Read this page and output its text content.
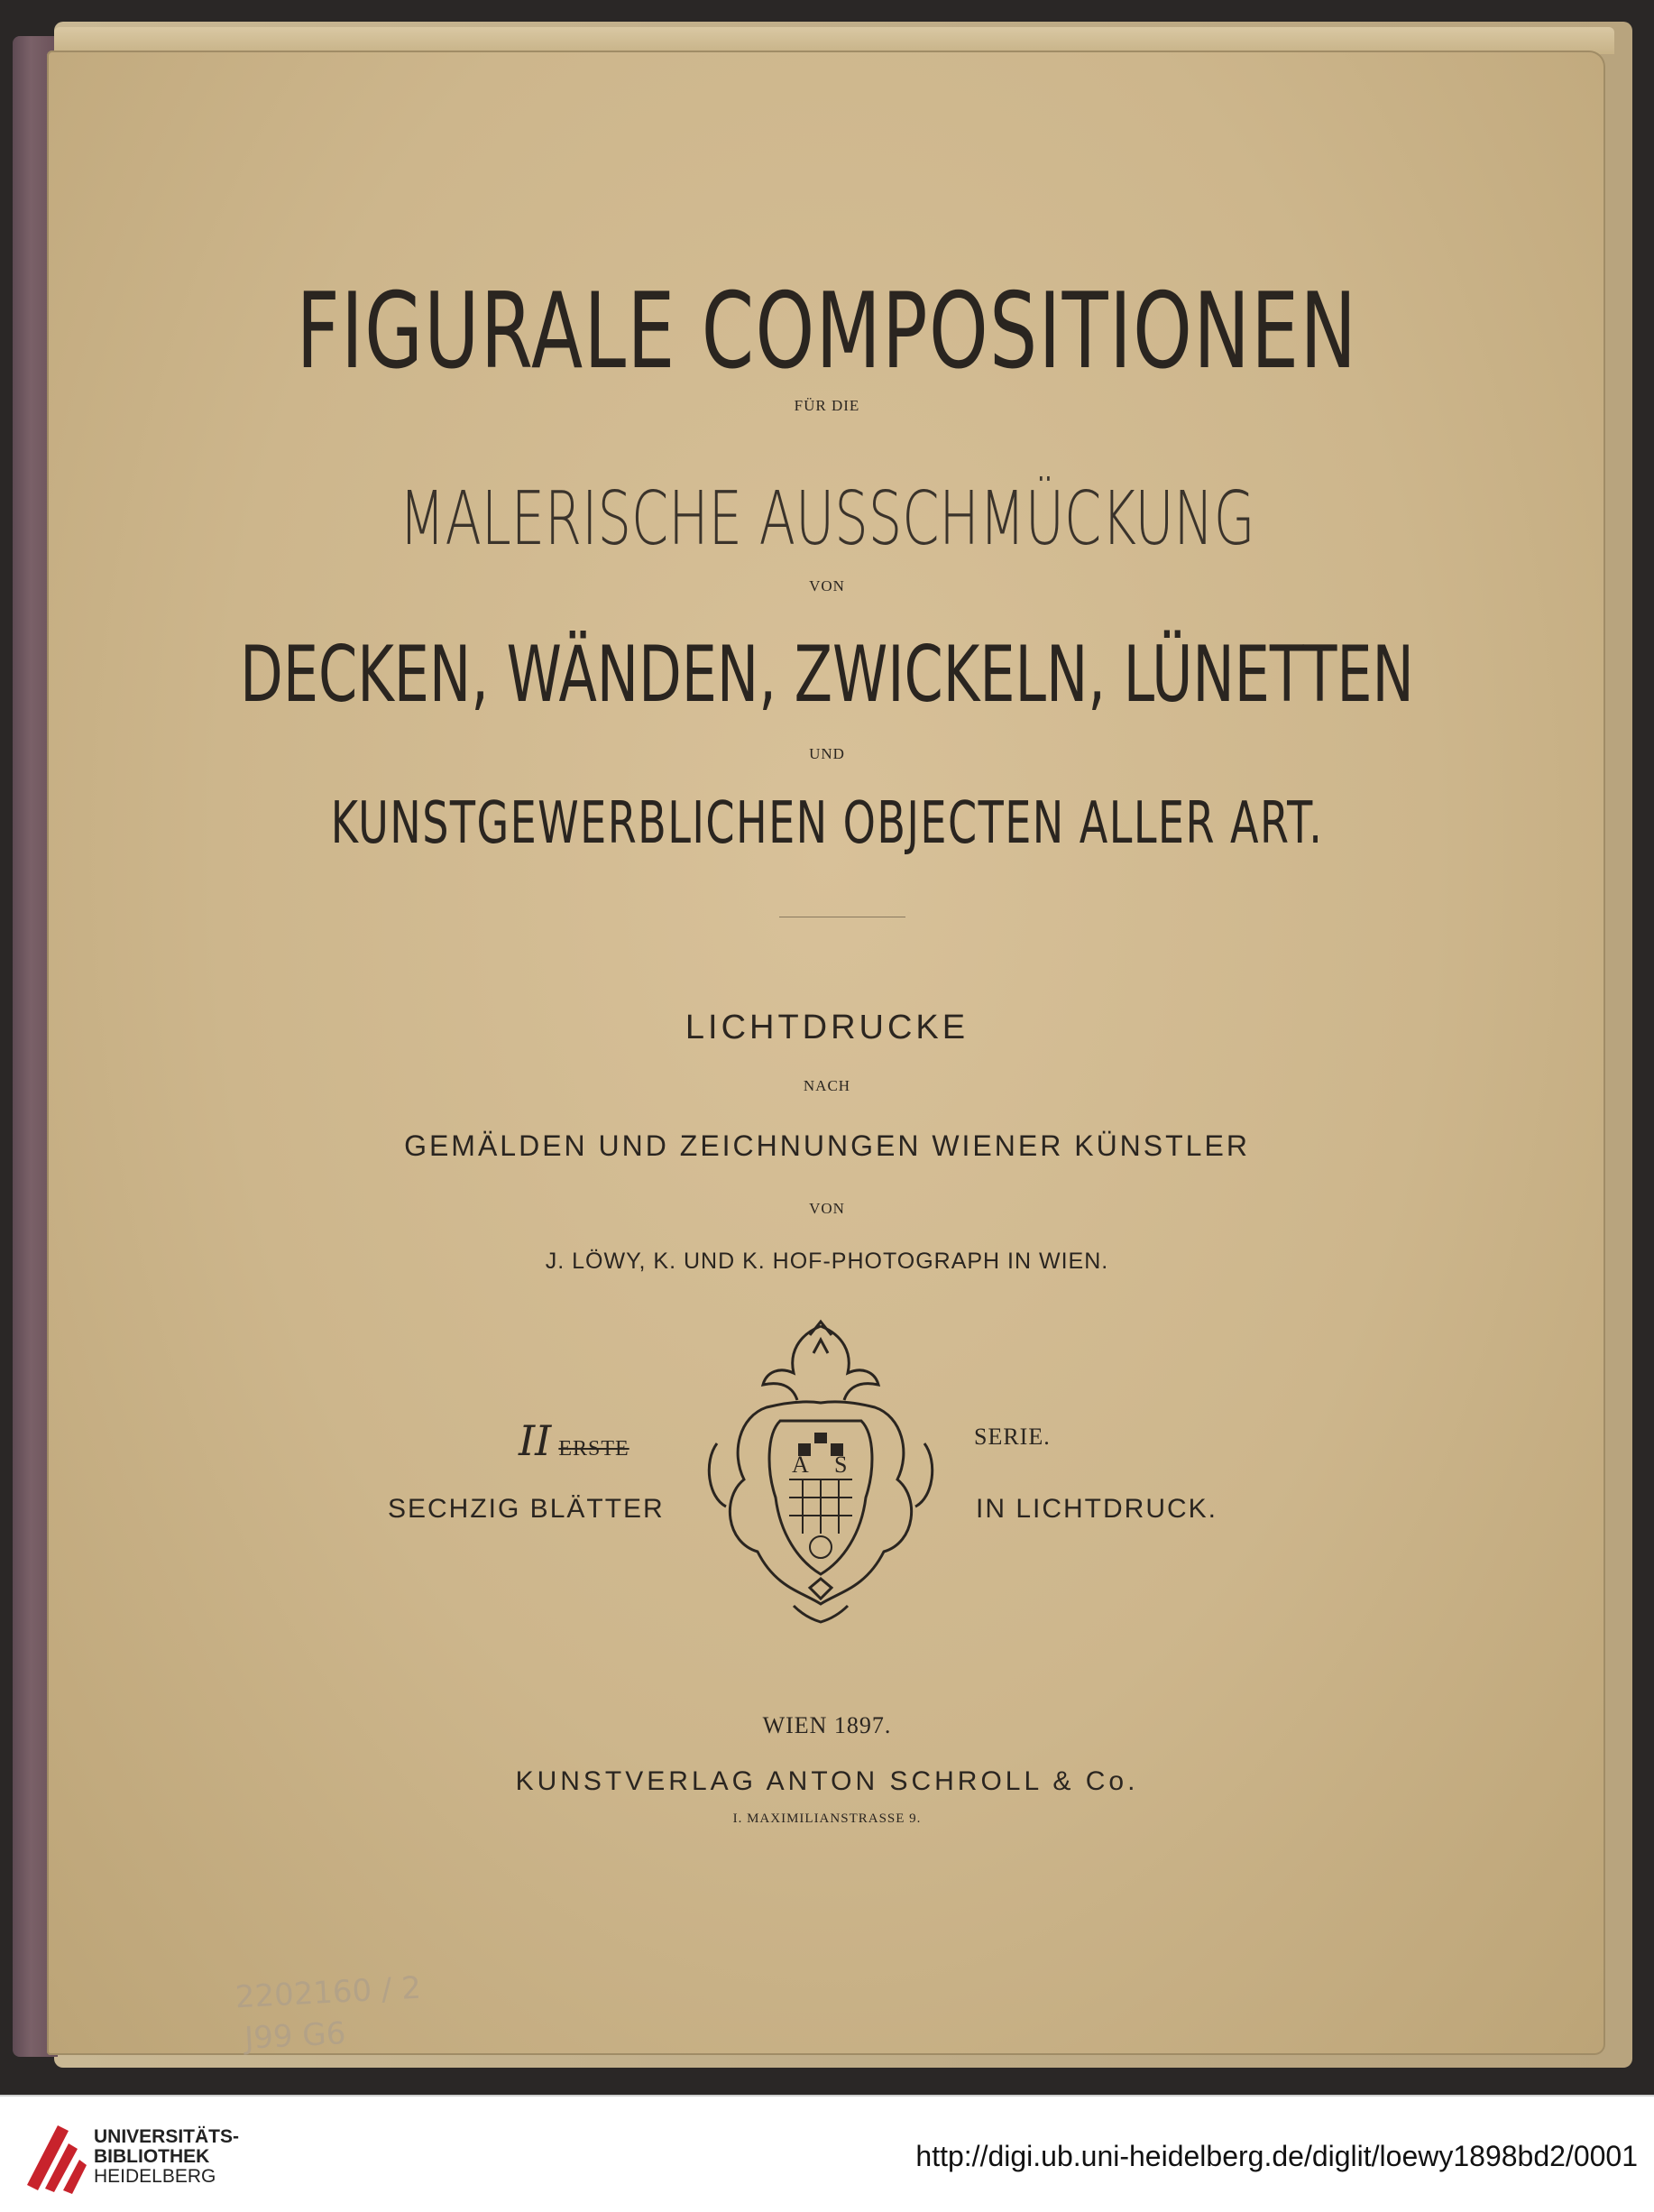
FIGURALE COMPOSITIONEN
FÜR DIE
MALERISCHE AUSSCHMÜCKUNG
VON
DECKEN, WÄNDEN, ZWICKELN, LÜNETTEN
UND
KUNSTGEWERBLICHEN OBJECTEN ALLER ART.
LICHTDRUCKE
NACH
GEMÄLDEN UND ZEICHNUNGEN WIENER KÜNSTLER
VON
J. LÖWY, K. UND K. HOF-PHOTOGRAPH IN WIEN.
II ERSTE	SERIE.
SECHZIG BLÄTTER	IN LICHTDRUCK.
A S
WIEN 1897.
KUNSTVERLAG ANTON SCHROLL & Co.
I. MAXIMILIANSTRASSE 9.
2202160 / 2
J99 G6
UNIVERSITÄTS-
BIBLIOTHEK
HEIDELBERG
http://digi.ub.uni-heidelberg.de/diglit/loewy1898bd2/0001
